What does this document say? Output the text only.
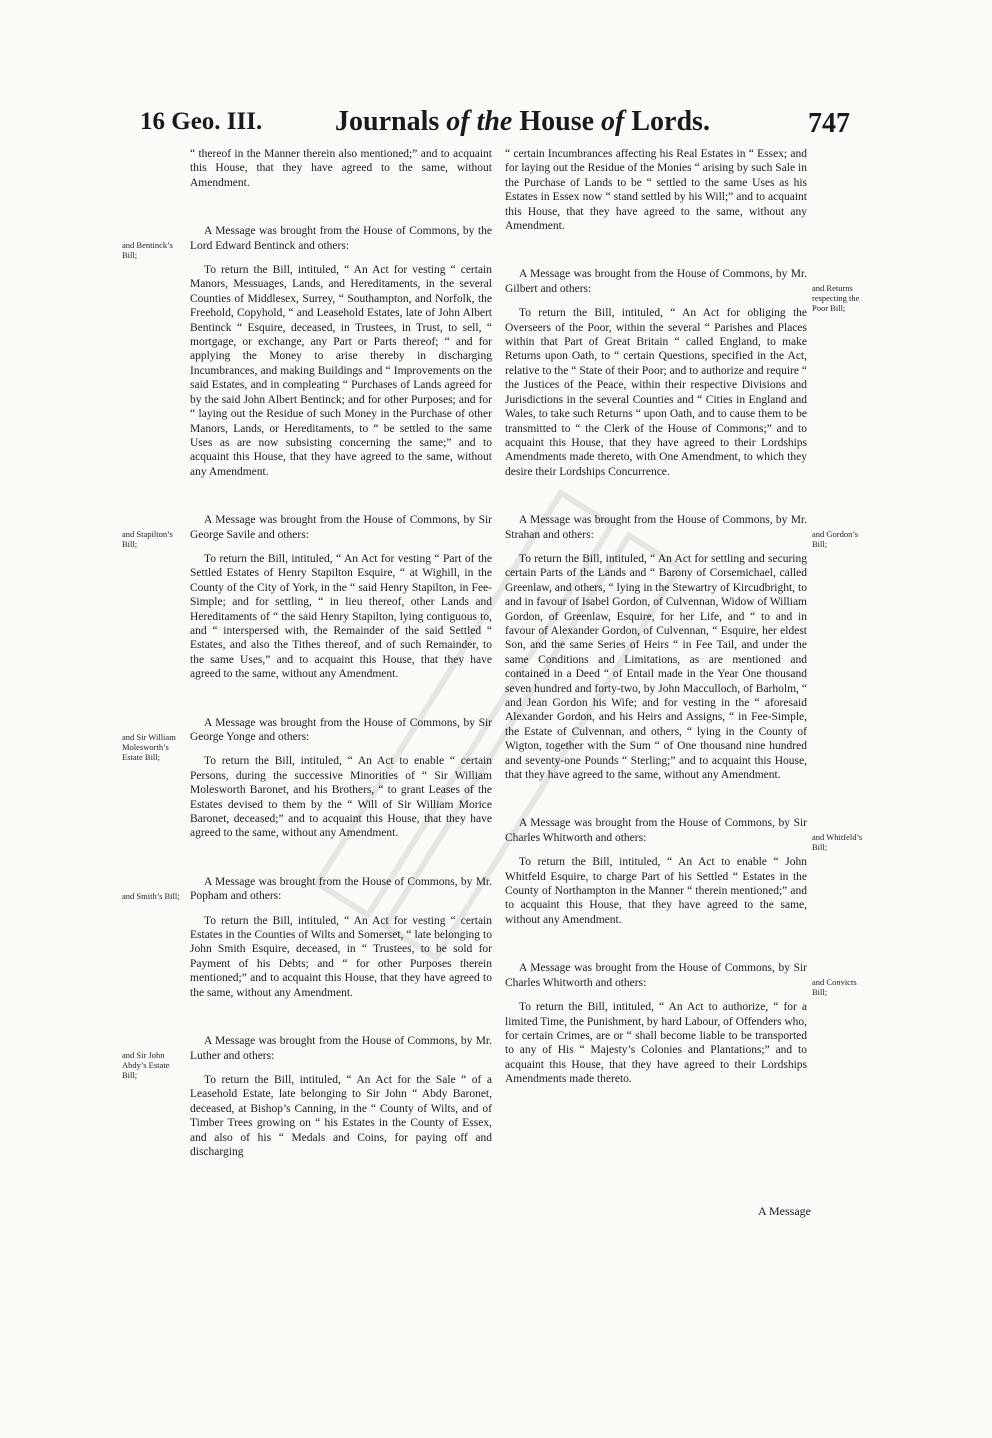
16 Geo. III.	Journals of the House of Lords.	747

“ thereof in the Manner therein also mentioned;” and to acquaint this House, that they have agreed to the same, without Amendment.

and Bentinck’s Bill;

A Message was brought from the House of Commons, by the Lord Edward Bentinck and others:

To return the Bill, intituled, “ An Act for vesting “ certain Manors, Messuages, Lands, and Hereditaments, in the several Counties of Middlesex, Surrey, “ Southampton, and Norfolk, the Freehold, Copyhold, “ and Leasehold Estates, late of John Albert Bentinck “ Esquire, deceased, in Trustees, in Trust, to sell, “ mortgage, or exchange, any Part or Parts thereof; “ and for applying the Money to arise thereby in discharging Incumbrances, and making Buildings and “ Improvements on the said Estates, and in compleating “ Purchases of Lands agreed for by the said John Albert Bentinck; and for other Purposes; and for “ laying out the Residue of such Money in the Purchase of other Manors, Lands, or Hereditaments, to “ be settled to the same Uses as are now subsisting concerning the same;” and to acquaint this House, that they have agreed to the same, without any Amendment.

and Stapilton’s Bill;

A Message was brought from the House of Commons, by Sir George Savile and others:

To return the Bill, intituled, “ An Act for vesting “ Part of the Settled Estates of Henry Stapilton Esquire, “ at Wighill, in the County of the City of York, in the “ said Henry Stapilton, in Fee-Simple; and for settling, “ in lieu thereof, other Lands and Hereditaments of “ the said Henry Stapilton, lying contiguous to, and “ interspersed with, the Remainder of the said Settled “ Estates, and also the Tithes thereof, and of such Remainder, to the same Uses,” and to acquaint this House, that they have agreed to the same, without any Amendment.

and Sir William Molesworth’s Estate Bill;

A Message was brought from the House of Commons, by Sir George Yonge and others:

To return the Bill, intituled, “ An Act to enable “ certain Persons, during the successive Minorities of “ Sir William Molesworth Baronet, and his Brothers, “ to grant Leases of the Estates devised to them by the “ Will of Sir William Morice Baronet, deceased;” and to acquaint this House, that they have agreed to the same, without any Amendment.

and Smith’s Bill;

A Message was brought from the House of Commons, by Mr. Popham and others:

To return the Bill, intituled, “ An Act for vesting “ certain Estates in the Counties of Wilts and Somerset, “ late belonging to John Smith Esquire, deceased, in “ Trustees, to be sold for Payment of his Debts; and “ for other Purposes therein mentioned;” and to acquaint this House, that they have agreed to the same, without any Amendment.

and Sir John Abdy’s Estate Bill;

A Message was brought from the House of Commons, by Mr. Luther and others:

To return the Bill, intituled, “ An Act for the Sale “ of a Leasehold Estate, late belonging to Sir John “ Abdy Baronet, deceased, at Bishop’s Canning, in the “ County of Wilts, and of Timber Trees growing on “ his Estates in the County of Essex, and also of his “ Medals and Coins, for paying off and discharging

“ certain Incumbrances affecting his Real Estates in “ Essex; and for laying out the Residue of the Monies “ arising by such Sale in the Purchase of Lands to be “ settled to the same Uses as his Estates in Essex now “ stand settled by his Will;” and to acquaint this House, that they have agreed to the same, without any Amendment.

and Returns respecting the Poor Bill;

A Message was brought from the House of Commons, by Mr. Gilbert and others:

To return the Bill, intituled, “ An Act for obliging the Overseers of the Poor, within the several “ Parishes and Places within that Part of Great Britain “ called England, to make Returns upon Oath, to “ certain Questions, specified in the Act, relative to the “ State of their Poor; and to authorize and require “ the Justices of the Peace, within their respective Divisions and Jurisdictions in the several Counties and “ Cities in England and Wales, to take such Returns “ upon Oath, and to cause them to be transmitted to “ the Clerk of the House of Commons;” and to acquaint this House, that they have agreed to their Lordships Amendments made thereto, with One Amendment, to which they desire their Lordships Concurrence.

and Gordon’s Bill;

A Message was brought from the House of Commons, by Mr. Strahan and others:

To return the Bill, intituled, “ An Act for settling and securing certain Parts of the Lands and “ Barony of Corsemichael, called Greenlaw, and others, “ lying in the Stewartry of Kircudbright, to and in favour of Isabel Gordon, of Culvennan, Widow of William Gordon, of Greenlaw, Esquire, for her Life, and “ to and in favour of Alexander Gordon, of Culvennan, “ Esquire, her eldest Son, and the same Series of Heirs “ in Fee Tail, and under the same Conditions and Limitations, as are mentioned and contained in a Deed “ of Entail made in the Year One thousand seven hundred and forty-two, by John Macculloch, of Barholm, “ and Jean Gordon his Wife; and for vesting in the “ aforesaid Alexander Gordon, and his Heirs and Assigns, “ in Fee-Simple, the Estate of Culvennan, and others, “ lying in the County of Wigton, together with the Sum “ of One thousand nine hundred and seventy-one Pounds “ Sterling;” and to acquaint this House, that they have agreed to the same, without any Amendment.

and Whitfeld’s Bill;

A Message was brought from the House of Commons, by Sir Charles Whitworth and others:

To return the Bill, intituled, “ An Act to enable “ John Whitfeld Esquire, to charge Part of his Settled “ Estates in the County of Northampton in the Manner “ therein mentioned;” and to acquaint this House, that they have agreed to the same, without any Amendment.

and Convicts Bill;

A Message was brought from the House of Commons, by Sir Charles Whitworth and others:

To return the Bill, intituled, “ An Act to authorize, “ for a limited Time, the Punishment, by hard Labour, of Offenders who, for certain Crimes, are or “ shall become liable to be transported to any of His “ Majesty’s Colonies and Plantations;” and to acquaint this House, that they have agreed to their Lordships Amendments made thereto.

A Message
